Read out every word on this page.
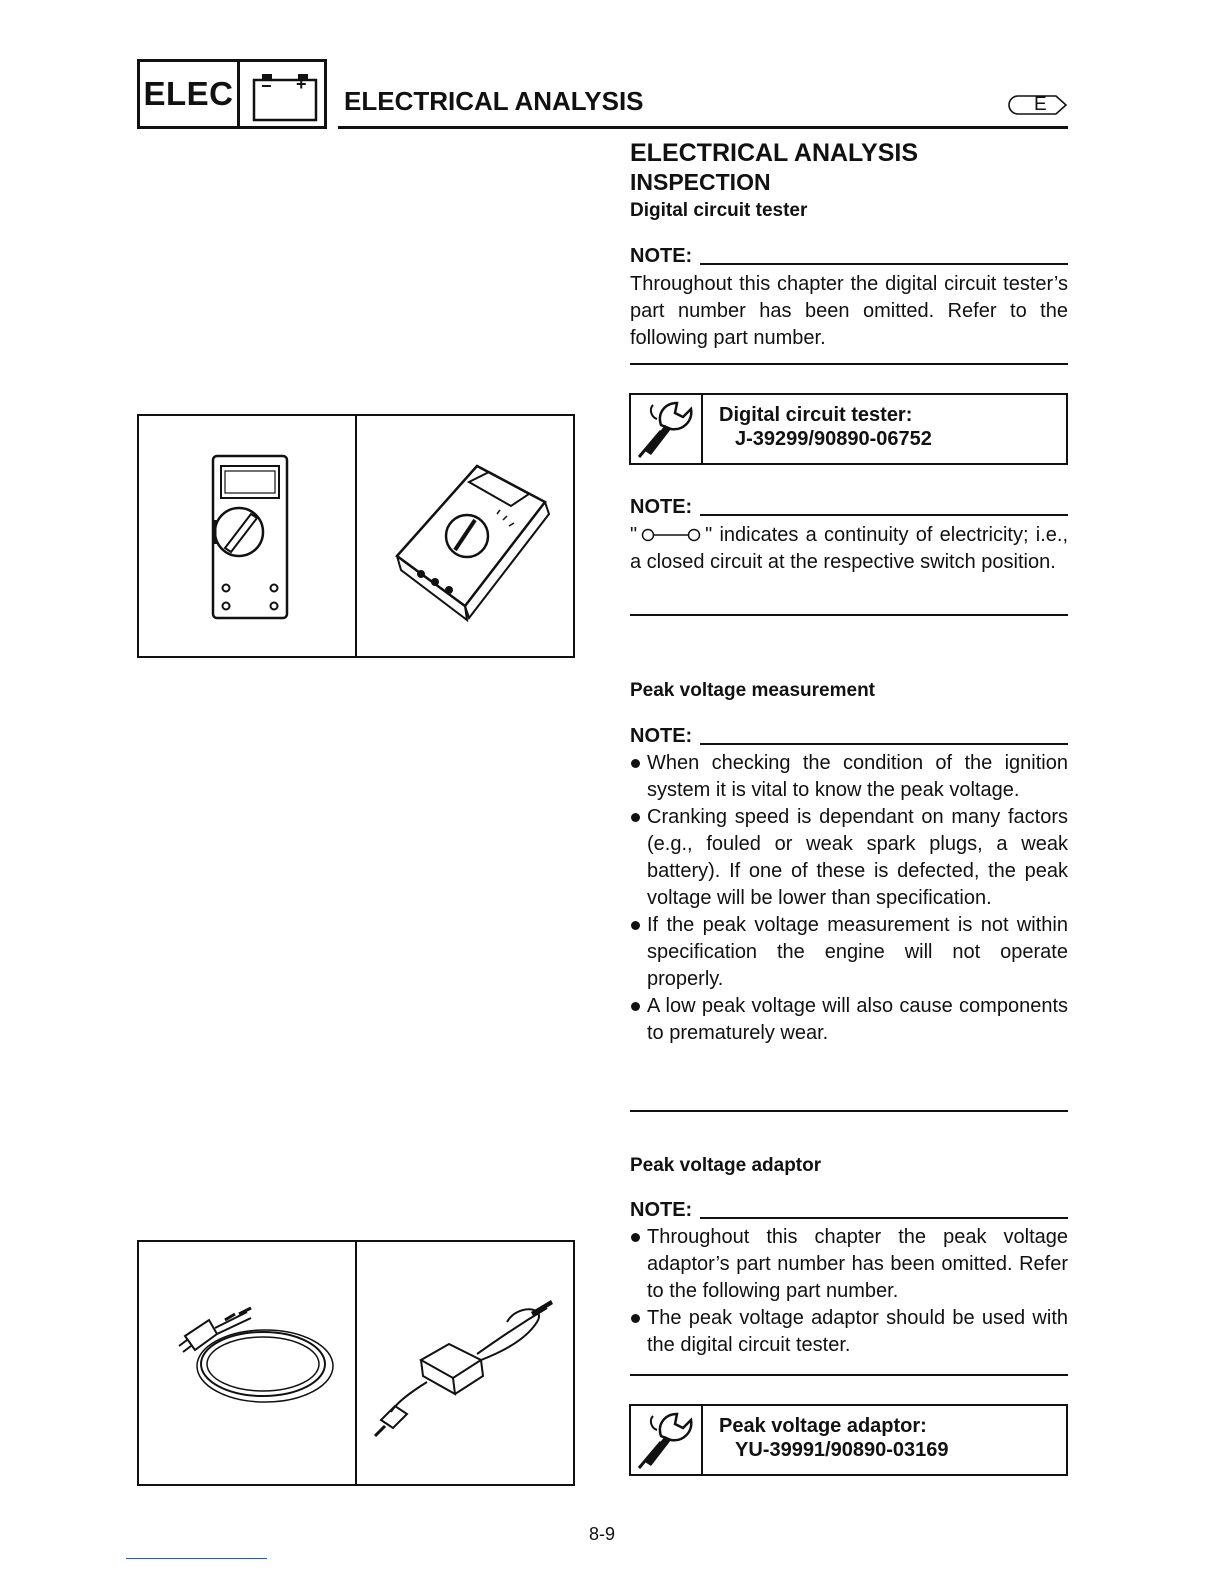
ELEC	− +
ELECTRICAL ANALYSIS	E
ELECTRICAL ANALYSIS
INSPECTION
Digital circuit tester
NOTE:
Throughout this chapter the digital circuit tester’s part number has been omitted. Refer to the following part number.
Digital circuit tester:
J-39299/90890-06752
NOTE:
"	" indicates a continuity of electricity; i.e., a closed circuit at the respective switch position.
Peak voltage measurement
NOTE:
When checking the condition of the ignition system it is vital to know the peak voltage.
Cranking speed is dependant on many factors (e.g., fouled or weak spark plugs, a weak battery). If one of these is defected, the peak voltage will be lower than specification.
If the peak voltage measurement is not within specification the engine will not operate properly.
A low peak voltage will also cause components to prematurely wear.
Peak voltage adaptor
NOTE:
Throughout this chapter the peak voltage adaptor’s part number has been omitted. Refer to the following part number.
The peak voltage adaptor should be used with the digital circuit tester.
Peak voltage adaptor:
YU-39991/90890-03169
8-9
